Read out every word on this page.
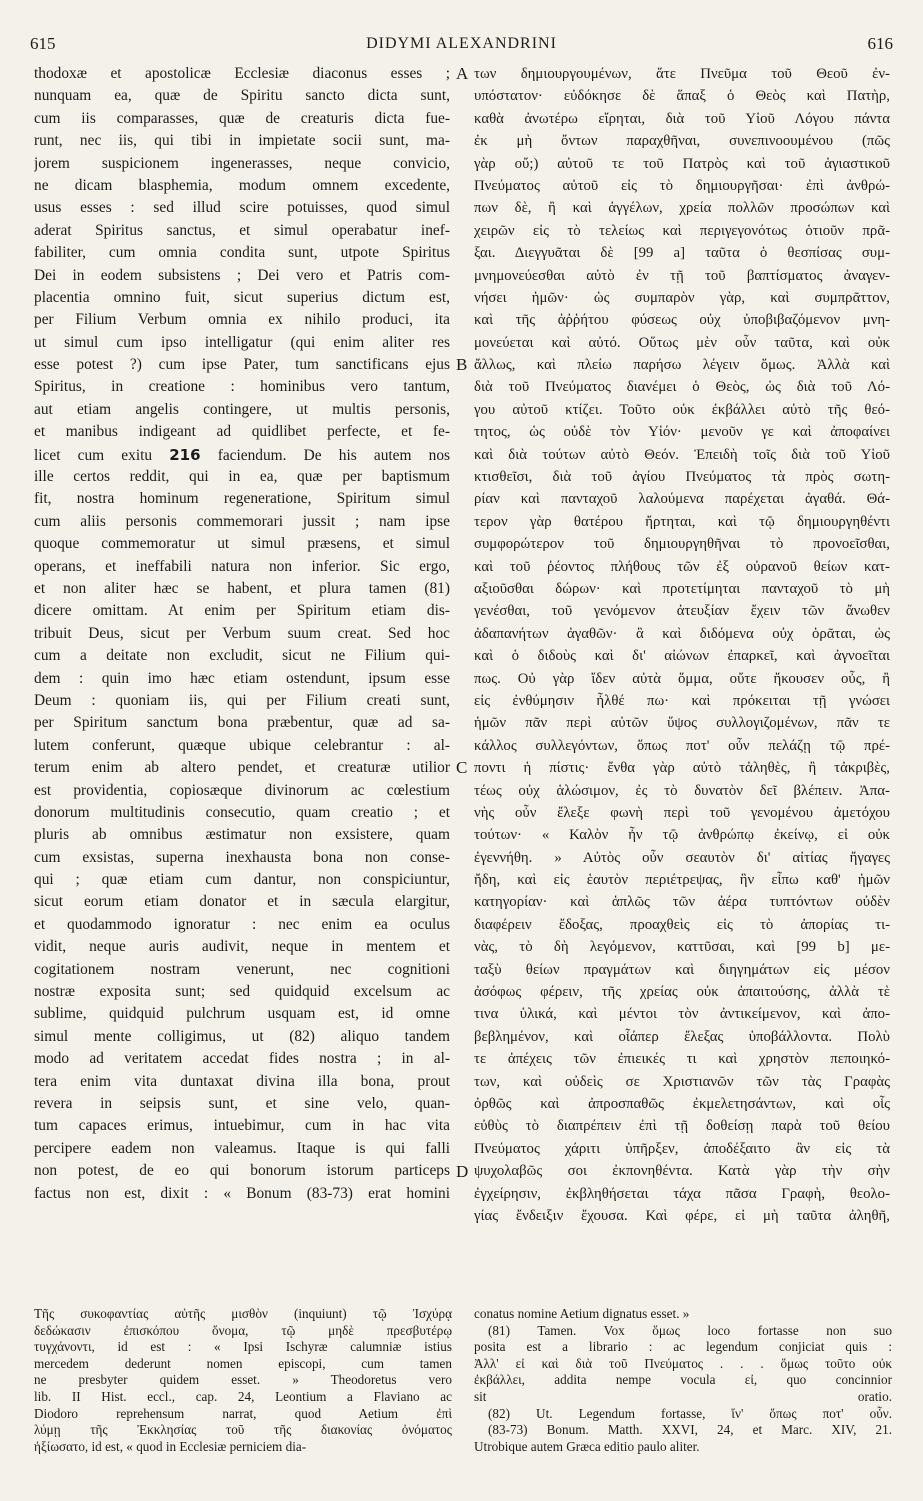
615	DIDYMI ALEXANDRINI	616
thodoxæ et apostolicæ Ecclesiæ diaconus esses ;
nunquam ea, quæ de Spiritu sancto dicta sunt,
cum iis comparasses, quæ de creaturis dicta fue-
runt, nec iis, qui tibi in impietate socii sunt, ma-
jorem suspicionem ingenerasses, neque convicio,
ne dicam blasphemia, modum omnem excedente,
usus esses : sed illud scire potuisses, quod simul
aderat Spiritus sanctus, et simul operabatur inef-
fabiliter, cum omnia condita sunt, utpote Spiritus
Dei in eodem subsistens ; Dei vero et Patris com-
placentia omnino fuit, sicut superius dictum est,
per Filium Verbum omnia ex nihilo produci, ita
ut simul cum ipso intelligatur (qui enim aliter res
esse potest ?) cum ipse Pater, tum sanctificans ejus
Spiritus, in creatione : hominibus vero tantum,
aut etiam angelis contingere, ut multis personis,
et manibus indigeant ad quidlibet perfecte, et fe-
licet cum exitu 216 faciendum. De his autem nos
ille certos reddit, qui in ea, quæ per baptismum
fit, nostra hominum regeneratione, Spiritum simul
cum aliis personis commemorari jussit ; nam ipse
quoque commemoratur ut simul præsens, et simul
operans, et ineffabili natura non inferior. Sic ergo,
et non aliter hæc se habent, et plura tamen (81)
dicere omittam. At enim per Spiritum etiam dis-
tribuit Deus, sicut per Verbum suum creat. Sed hoc
cum a deitate non excludit, sicut ne Filium qui-
dem : quin imo hæc etiam ostendunt, ipsum esse
Deum : quoniam iis, qui per Filium creati sunt,
per Spiritum sanctum bona præbentur, quæ ad sa-
lutem conferunt, quæque ubique celebrantur : al-
terum enim ab altero pendet, et creaturæ utilior
est providentia, copiosæque divinorum ac cœlestium
donorum multitudinis consecutio, quam creatio ; et
pluris ab omnibus æstimatur non exsistere, quam
cum exsistas, superna inexhausta bona non conse-
qui ; quæ etiam cum dantur, non conspiciuntur,
sicut eorum etiam donator et in sæcula elargitur,
et quodammodo ignoratur : nec enim ea oculus
vidit, neque auris audivit, neque in mentem et
cogitationem nostram venerunt, nec cognitioni
nostræ exposita sunt; sed quidquid excelsum ac
sublime, quidquid pulchrum usquam est, id omne
simul mente colligimus, ut (82) aliquo tandem
modo ad veritatem accedat fides nostra ; in al-
tera enim vita duntaxat divina illa bona, prout
revera in seipsis sunt, et sine velo, quan-
tum capaces erimus, intuebimur, cum in hac vita
percipere eadem non valeamus. Itaque is qui falli
non potest, de eo qui bonorum istorum particeps
factus non est, dixit : « Bonum (83-73) erat homini
A
B
C
D
των δημιουργουμένων, ἅτε Πνεῦμα τοῦ Θεοῦ ἐν-
υπόστατον· εὐδόκησε δὲ ἅπαξ ὁ Θεὸς καὶ Πατὴρ,
καθὰ ἀνωτέρω εἴρηται, διὰ τοῦ Υἱοῦ Λόγου πάντα
ἐκ μὴ ὄντων παραχθῆναι, συνεπινοουμένου (πῶς
γὰρ οὔ;) αὐτοῦ τε τοῦ Πατρὸς καὶ τοῦ ἁγιαστικοῦ
Πνεύματος αὐτοῦ εἰς τὸ δημιουργῆσαι· ἐπὶ ἀνθρώ-
πων δὲ, ἢ καὶ ἀγγέλων, χρεία πολλῶν προσώπων καὶ
χειρῶν εἰς τὸ τελείως καὶ περιγεγονότως ὁτιοῦν πρᾶ-
ξαι. Διεγγυᾶται δὲ [99 a] ταῦτα ὁ θεσπίσας συμ-
μνημονεύεσθαι αὐτὸ ἐν τῇ τοῦ βαπτίσματος ἀναγεν-
νήσει ἡμῶν· ὡς συμπαρὸν γὰρ, καὶ συμπρᾶττον,
καὶ τῆς ἀῤῥήτου φύσεως οὐχ ὑποβιβαζόμενον μνη-
μονεύεται καὶ αὐτό. Οὕτως μὲν οὖν ταῦτα, καὶ οὐκ
ἄλλως, καὶ πλείω παρήσω λέγειν ὅμως. Ἀλλὰ καὶ
διὰ τοῦ Πνεύματος διανέμει ὁ Θεὸς, ὡς διὰ τοῦ Λό-
γου αὐτοῦ κτίζει. Τοῦτο οὐκ ἐκβάλλει αὐτὸ τῆς θεό-
τητος, ὡς οὐδὲ τὸν Υἱόν· μενοῦν γε καὶ ἀποφαίνει
καὶ διὰ τούτων αὐτὸ Θεόν. Ἐπειδὴ τοῖς διὰ τοῦ Υἱοῦ
κτισθεῖσι, διὰ τοῦ ἁγίου Πνεύματος τὰ πρὸς σωτη-
ρίαν καὶ πανταχοῦ λαλούμενα παρέχεται ἀγαθά. Θά-
τερον γὰρ θατέρου ἤρτηται, καὶ τῷ δημιουργηθέντι
συμφορώτερον τοῦ δημιουργηθῆναι τὸ προνοεῖσθαι,
καὶ τοῦ ῥέοντος πλήθους τῶν ἐξ οὐρανοῦ θείων κατ-
αξιοῦσθαι δώρων· καὶ προτετίμηται πανταχοῦ τὸ μὴ
γενέσθαι, τοῦ γενόμενον ἀτευξίαν ἔχειν τῶν ἄνωθεν
ἀδαπανήτων ἀγαθῶν· ἃ καὶ διδόμενα οὐχ ὁρᾶται, ὡς
καὶ ὁ διδοὺς καὶ δι' αἰώνων ἐπαρκεῖ, καὶ ἀγνοεῖται
πως. Οὐ γὰρ ἴδεν αὐτὰ ὄμμα, οὔτε ἤκουσεν οὖς, ἢ
εἰς ἐνθύμησιν ἦλθέ πω· καὶ πρόκειται τῇ γνώσει
ἡμῶν πᾶν περὶ αὐτῶν ὕψος συλλογιζομένων, πᾶν τε
κάλλος συλλεγόντων, ὅπως ποτ' οὖν πελάζῃ τῷ πρέ-
ποντι ἡ πίστις· ἔνθα γὰρ αὐτὸ τἀληθὲς, ἢ τἀκριβὲς,
τέως οὐχ ἁλώσιμον, ἐς τὸ δυνατὸν δεῖ βλέπειν. Ἀπα-
νὴς οὖν ἔλεξε φωνὴ περὶ τοῦ γενομένου ἀμετόχου
τούτων· « Καλὸν ἦν τῷ ἀνθρώπῳ ἐκείνῳ, εἰ οὐκ
ἐγεννήθη. » Αὐτὸς οὖν σεαυτὸν δι' αἰτίας ἤγαγες
ἤδη, καὶ εἰς ἑαυτὸν περιέτρεψας, ἣν εἶπω καθ' ἡμῶν
κατηγορίαν· καὶ ἁπλῶς τῶν ἀέρα τυπτόντων οὐδὲν
διαφέρειν ἔδοξας, προαχθεὶς εἰς τὸ ἀπορίας τι-
νὰς, τὸ δὴ λεγόμενον, καττῦσαι, καὶ [99 b] με-
ταξὺ θείων πραγμάτων καὶ διηγημάτων εἰς μέσον
ἀσόφως φέρειν, τῆς χρείας οὐκ ἀπαιτούσης, ἀλλὰ τὲ
τινα ὑλικά, καὶ μέντοι τὸν ἀντικείμενον, καὶ ἀπο-
βεβλημένον, καὶ οἷάπερ ἔλεξας ὑποβάλλοντα. Πολὺ
τε ἀπέχεις τῶν ἐπιεικές τι καὶ χρηστὸν πεποιηκό-
των, καὶ οὐδεὶς σε Χριστιανῶν τῶν τὰς Γραφὰς
ὀρθῶς καὶ ἀπροσπαθῶς ἐκμελετησάντων, καὶ οἷς
εὐθὺς τὸ διαπρέπειν ἐπὶ τῇ δοθείσῃ παρὰ τοῦ θείου
Πνεύματος χάριτι ὑπῆρξεν, ἀποδέξαιτο ἂν εἰς τὰ
ψυχολαβῶς σοι ἐκπονηθέντα. Κατὰ γὰρ τὴν σὴν
ἐγχείρησιν, ἐκβληθήσεται τάχα πᾶσα Γραφὴ, θεολο-
γίας ἔνδειξιν ἔχουσα. Καὶ φέρε, εἰ μὴ ταῦτα ἀληθῆ,
Τῆς συκοφαντίας αὐτῆς μισθὸν (inquiunt) τῷ Ἰσχύρᾳ
δεδώκασιν ἐπισκόπου ὄνομα, τῷ μηδὲ πρεσβυτέρῳ
τυγχάνοντι, id est : « Ipsi Ischyræ calumniæ istius
mercedem dederunt nomen episcopi, cum tamen
ne presbyter quidem esset. » Theodoretus vero
lib. II Hist. eccl., cap. 24, Leontium a Flaviano ac
Diodoro reprehensum narrat, quod Aetium ἐπὶ
λύμῃ τῆς Ἐκκλησίας τοῦ τῆς διακονίας ὀνόματος
ἠξίωσατο, id est, « quod in Ecclesiæ perniciem dia-
conatus nomine Aetium dignatus esset. »
(81) Tamen. Vox ὅμως loco fortasse non suo
posita est a librario : ac legendum conjiciat quis :
Ἀλλ' εἰ καὶ διὰ τοῦ Πνεύματος . . . ὅμως τοῦτο οὐκ
ἐκβάλλει, addita nempe vocula εἰ, quo concinnior
sit oratio.
(82) Ut. Legendum fortasse, ἵν' ὅπως ποτ' οὖν.
(83-73) Bonum. Matth. XXVI, 24, et Marc. XIV, 21.
Utrobique autem Græca editio paulo aliter.
